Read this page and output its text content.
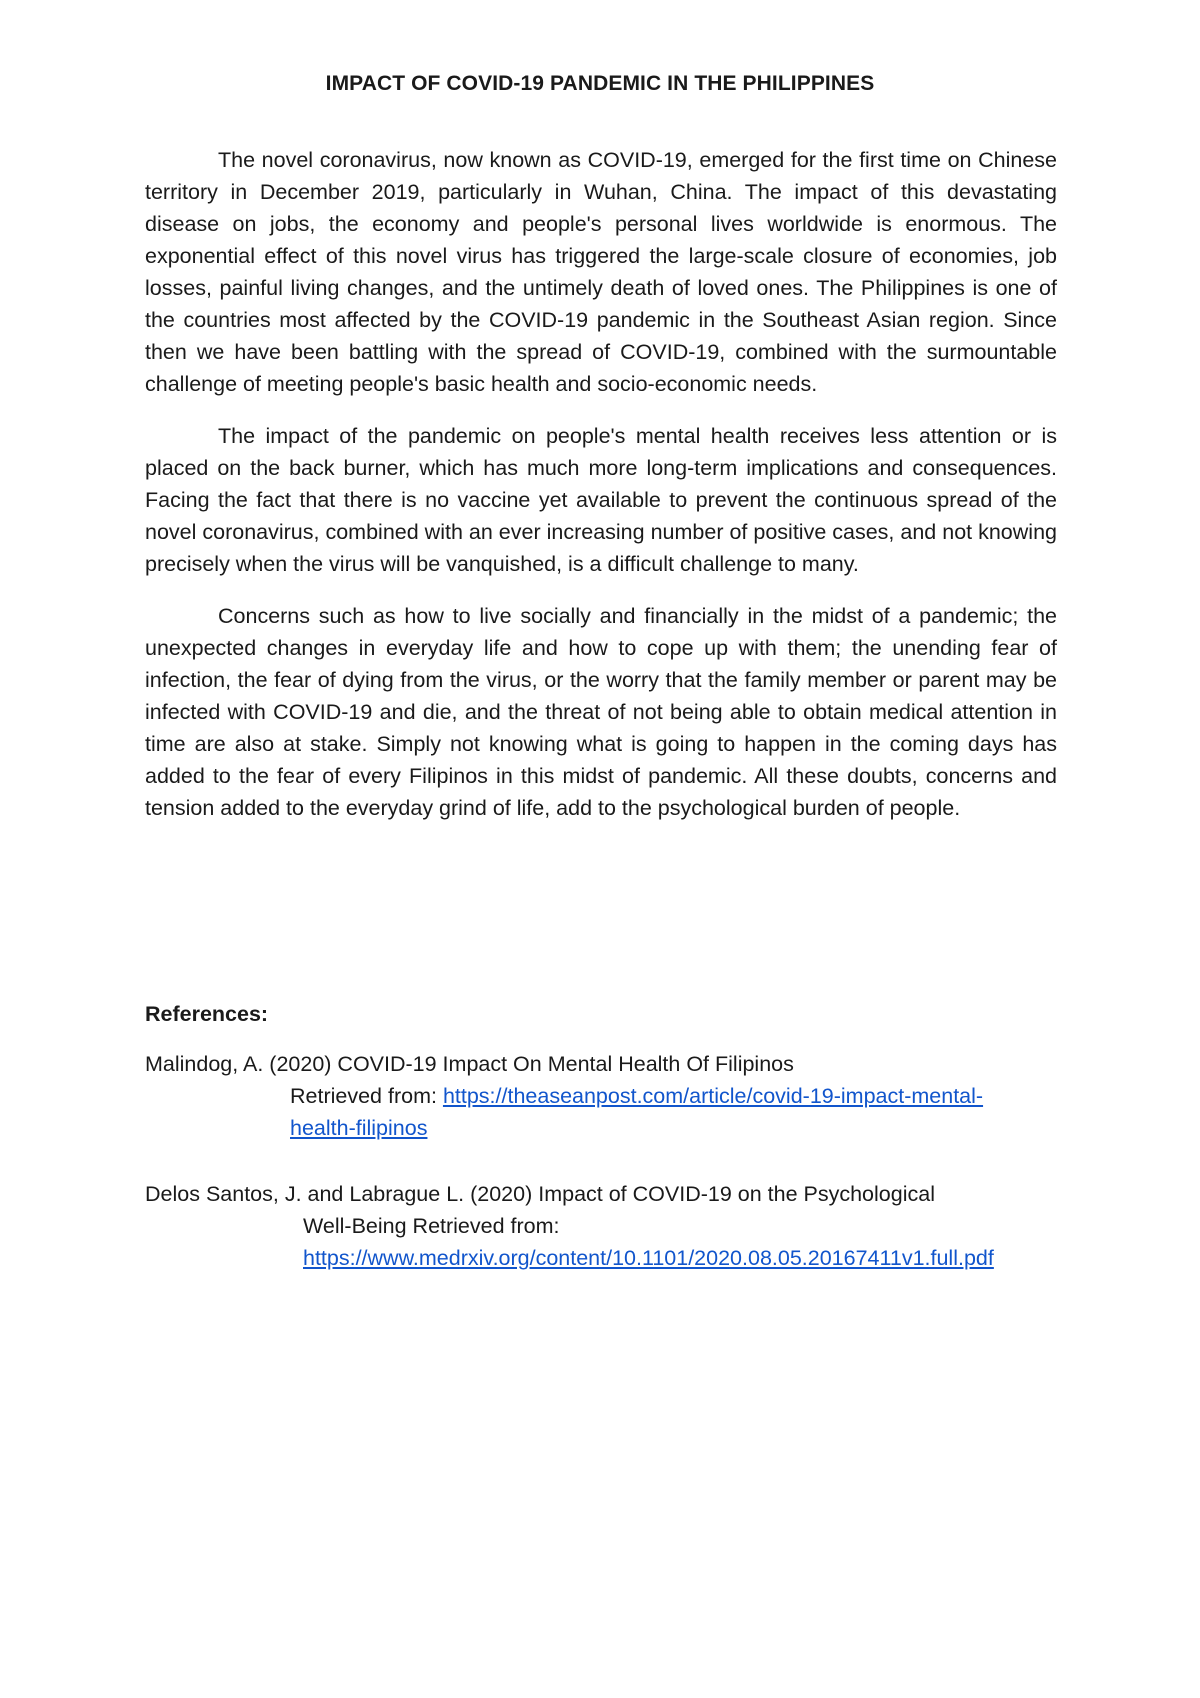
IMPACT OF COVID-19 PANDEMIC IN THE PHILIPPINES

The novel coronavirus, now known as COVID-19, emerged for the first time on Chinese territory in December 2019, particularly in Wuhan, China. The impact of this devastating disease on jobs, the economy and people's personal lives worldwide is enormous. The exponential effect of this novel virus has triggered the large-scale closure of economies, job losses, painful living changes, and the untimely death of loved ones. The Philippines is one of the countries most affected by the COVID-19 pandemic in the Southeast Asian region. Since then we have been battling with the spread of COVID-19, combined with the surmountable challenge of meeting people's basic health and socio-economic needs.

The impact of the pandemic on people's mental health receives less attention or is placed on the back burner, which has much more long-term implications and consequences. Facing the fact that there is no vaccine yet available to prevent the continuous spread of the novel coronavirus, combined with an ever increasing number of positive cases, and not knowing precisely when the virus will be vanquished, is a difficult challenge to many.

Concerns such as how to live socially and financially in the midst of a pandemic; the unexpected changes in everyday life and how to cope up with them; the unending fear of infection, the fear of dying from the virus, or the worry that the family member or parent may be infected with COVID-19 and die, and the threat of not being able to obtain medical attention in time are also at stake. Simply not knowing what is going to happen in the coming days has added to the fear of every Filipinos in this midst of pandemic. All these doubts, concerns and tension added to the everyday grind of life, add to the psychological burden of people.

References:
Malindog, A. (2020) COVID-19 Impact On Mental Health Of Filipinos
Retrieved from: https://theaseanpost.com/article/covid-19-impact-mental-health-filipinos
Delos Santos, J. and Labrague L. (2020) Impact of COVID-19 on the Psychological
Well-Being Retrieved from:
https://www.medrxiv.org/content/10.1101/2020.08.05.20167411v1.full.pdf
